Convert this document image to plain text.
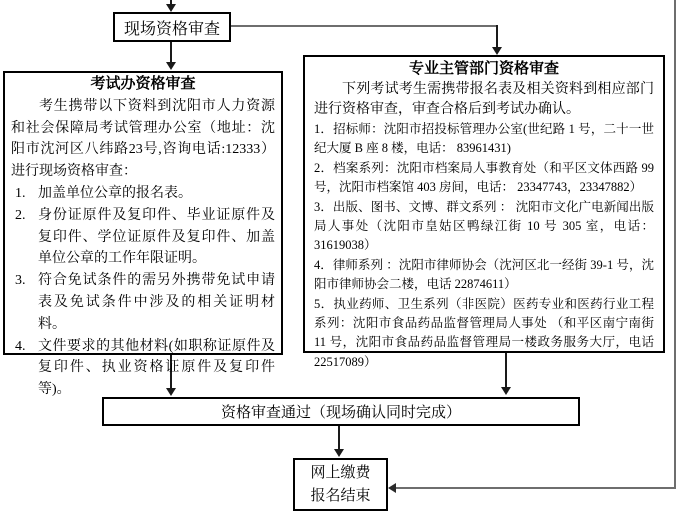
现场资格审查
考试办资格审查
考生携带以下资料到沈阳市人力资源和社会保障局考试管理办公室（地址：沈阳市沈河区八纬路23号,咨询电话:12333）进行现场资格审查：
1. 加盖单位公章的报名表。
2. 身份证原件及复印件、毕业证原件及复印件、学位证原件及复印件、加盖单位公章的工作年限证明。
3. 符合免试条件的需另外携带免试申请表及免试条件中涉及的相关证明材料。
4. 文件要求的其他材料(如职称证原件及复印件、执业资格证原件及复印件等)。
专业主管部门资格审查
下列考试考生需携带报名表及相关资料到相应部门进行资格审查，审查合格后到考试办确认。
1．招标师：沈阳市招投标管理办公室(世纪路 1 号，二十一世纪大厦 B 座 8 楼，电话： 83961431)
2．档案系列：沈阳市档案局人事教育处（和平区文体西路 99 号，沈阳市档案馆 403 房间，电话： 23347743，23347882）
3．出版、图书、文博、群文系列 ： 沈阳市文化广电新闻出版局人事处（沈阳市皇姑区鸭绿江街 10 号 305 室，电话： 31619038）
4．律师系列 ：沈阳市律师协会（沈河区北一经街 39-1 号，沈阳市律师协会二楼，电话 22874611）
5．执业药师、卫生系列（非医院）医药专业和医药行业工程系列：沈阳市食品药品监督管理局人事处 （和平区南宁南街 11 号，沈阳市食品药品监督管理局一楼政务服务大厅，电话 22517089）
资格审查通过（现场确认同时完成）
网上缴费
报名结束
